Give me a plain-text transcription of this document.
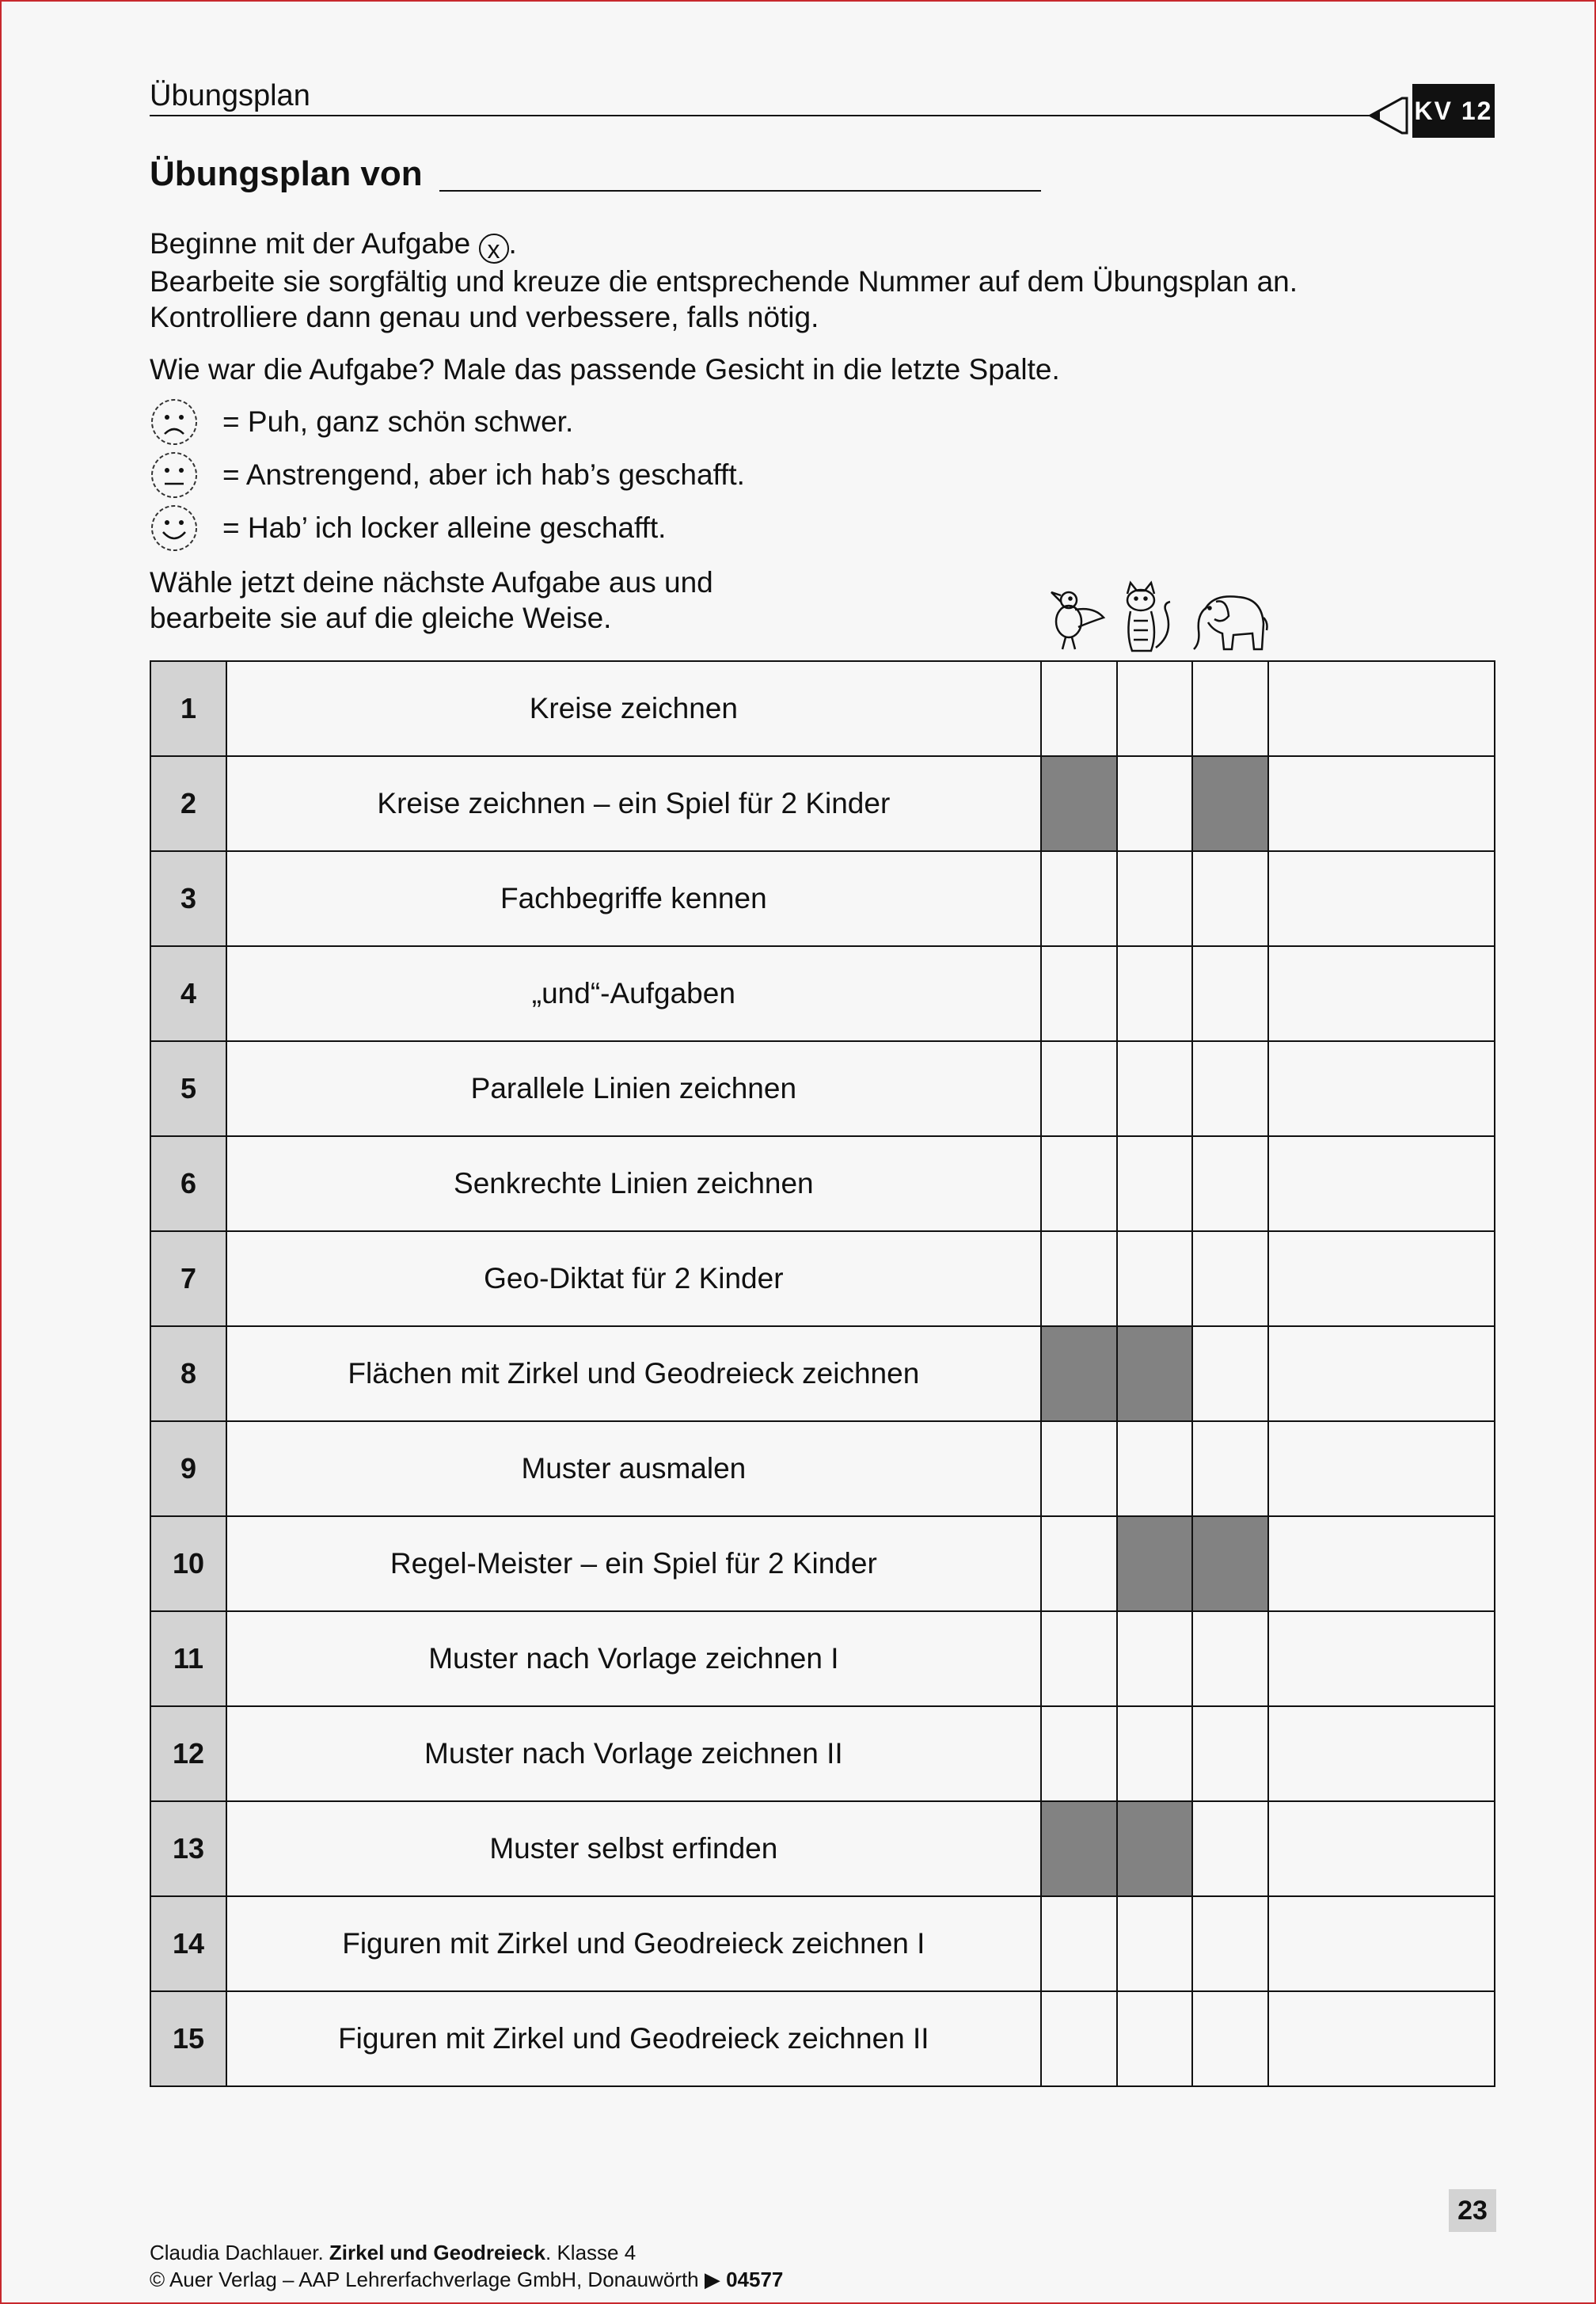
Übungsplan	KV 12
Übungsplan von

Beginne mit der Aufgabe x .

Bearbeite sie sorgfältig und kreuze die entsprechende Nummer auf dem Übungsplan an.

Kontrolliere dann genau und verbessere, falls nötig.

Wie war die Aufgabe? Male das passende Gesicht in die letzte Spalte.
= Puh, ganz schön schwer.
= Anstrengend, aber ich hab’s geschafft.
= Hab’ ich locker alleine geschafft.

Wähle jetzt deine nächste Aufgabe aus und

bearbeite sie auf die gleiche Weise.

1	Kreise zeichnen				
2	Kreise zeichnen – ein Spiel für 2 Kinder				
3	Fachbegriffe kennen				
4	„und“-Aufgaben				
5	Parallele Linien zeichnen				
6	Senkrechte Linien zeichnen				
7	Geo-Diktat für 2 Kinder				
8	Flächen mit Zirkel und Geodreieck zeichnen				
9	Muster ausmalen				
10	Regel-Meister – ein Spiel für 2 Kinder				
11	Muster nach Vorlage zeichnen I				
12	Muster nach Vorlage zeichnen II				
13	Muster selbst erfinden				
14	Figuren mit Zirkel und Geodreieck zeichnen I				
15	Figuren mit Zirkel und Geodreieck zeichnen II				
23

Claudia Dachlauer. Zirkel und Geodreieck. Klasse 4

© Auer Verlag – AAP Lehrerfachverlage GmbH, Donauwörth ▶ 04577
